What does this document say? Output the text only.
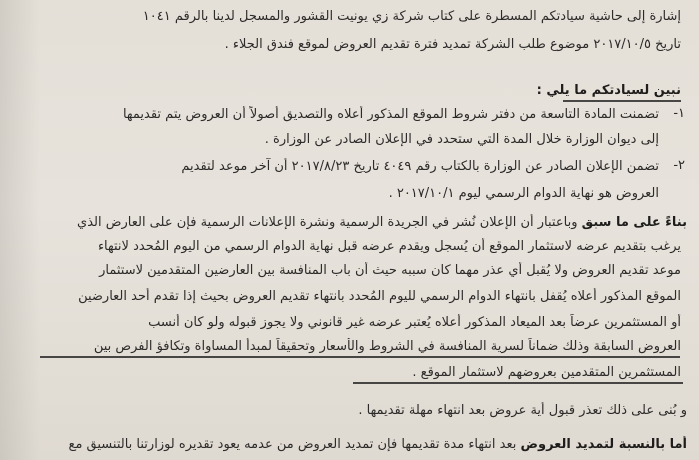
إشارة إلى حاشية سيادتكم المسطرة على كتاب شركة زي يونيت القشور والمسجل لدينا بالرقم ١٠٤١
تاريخ ٢٠١٧/١٠/٥ موضوع طلب الشركة تمديد فترة تقديم العروض لموقع فندق الجلاء .
نبين لسيادتكم ما يلي :
١-
تضمنت المادة التاسعة من دفتر شروط الموقع المذكور أعلاه والتصديق أصولاً أن العروض يتم تقديمها
إلى ديوان الوزارة خلال المدة التي ستحدد في الإعلان الصادر عن الوزارة .
٢-
تضمن الإعلان الصادر عن الوزارة بالكتاب رقم ٤٠٤٩ تاريخ ٢٠١٧/٨/٢٣ أن آخر موعد لتقديم
العروض هو نهاية الدوام الرسمي ليوم ٢٠١٧/١٠/١ .
بناءً على ما سبق وباعتبار أن الإعلان نُشر في الجريدة الرسمية ونشرة الإعلانات الرسمية فإن على العارض الذي
يرغب بتقديم عرضه لاستثمار الموقع أن يُسجل ويقدم عرضه قبل نهاية الدوام الرسمي من اليوم المُحدد لانتهاء
موعد تقديم العروض ولا يُقبل أي عذر مهما كان سببه حيث أن باب المنافسة بين العارضين المتقدمين لاستثمار
الموقع المذكور أعلاه يُقفل بانتهاء الدوام الرسمي لليوم المُحدد بانتهاء تقديم العروض بحيث إذا تقدم أحد العارضين
أو المستثمرين عرضاً بعد الميعاد المذكور أعلاه يُعتبر عرضه غير قانوني ولا يجوز قبوله ولو كان أنسب
العروض السابقة وذلك ضماناً لسرية المنافسة في الشروط والأسعار وتحقيقاً لمبدأ المساواة وتكافؤ الفرص بين
المستثمرين المتقدمين بعروضهم لاستثمار الموقع .
و بُنى على ذلك تعذر قبول أية عروض بعد انتهاء مهلة تقديمها .
أما بالنسبة لتمديد العروض بعد انتهاء مدة تقديمها فإن تمديد العروض من عدمه يعود تقديره لوزارتنا بالتنسيق مع
